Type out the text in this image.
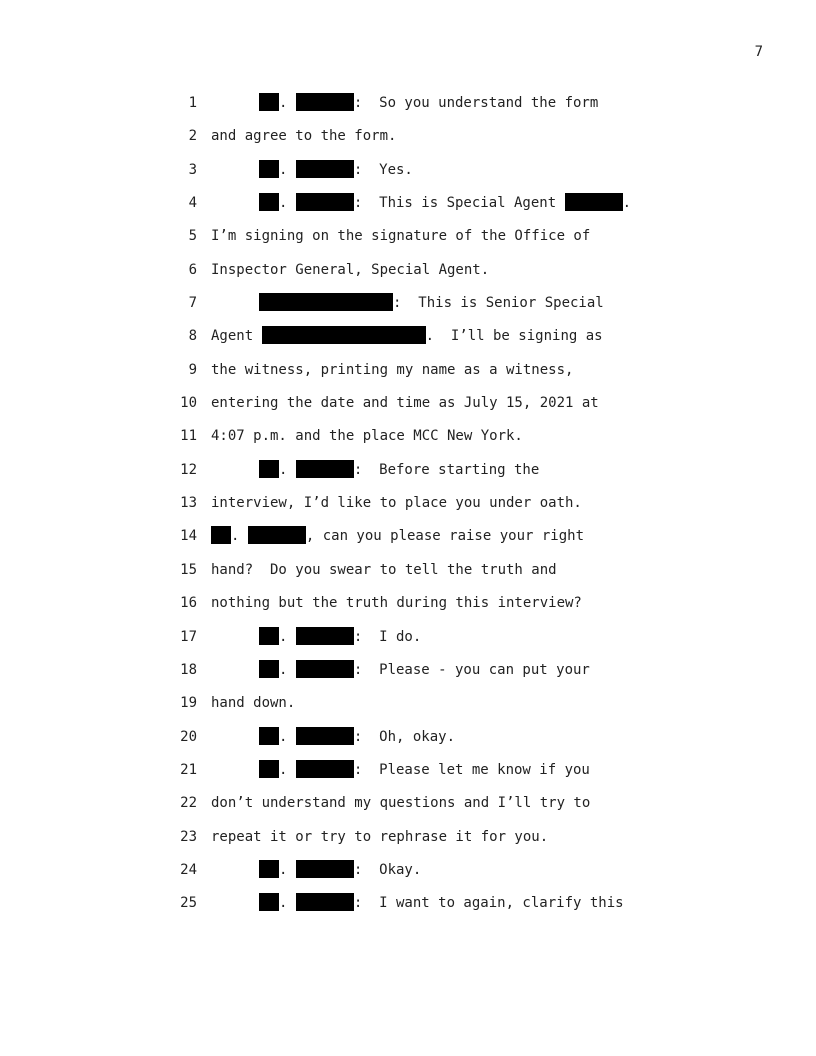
7
1	.	:  So you understand the form
2 and agree to the form.
3	.	:  Yes.
4	.	:  This is Special Agent	.
5 I’m signing on the signature of the Office of
6 Inspector General, Special Agent.
7	:  This is Senior Special
8 Agent	.  I’ll be signing as
9 the witness, printing my name as a witness,
10 entering the date and time as July 15, 2021 at
11 4:07 p.m. and the place MCC New York.
12	.	:  Before starting the
13 interview, I’d like to place you under oath.
14	.	, can you please raise your right
15 hand?  Do you swear to tell the truth and
16 nothing but the truth during this interview?
17	.	:  I do.
18	.	:  Please - you can put your
19 hand down.
20	.	:  Oh, okay.
21	.	:  Please let me know if you
22 don’t understand my questions and I’ll try to
23 repeat it or try to rephrase it for you.
24	.	:  Okay.
25	.	:  I want to again, clarify this
